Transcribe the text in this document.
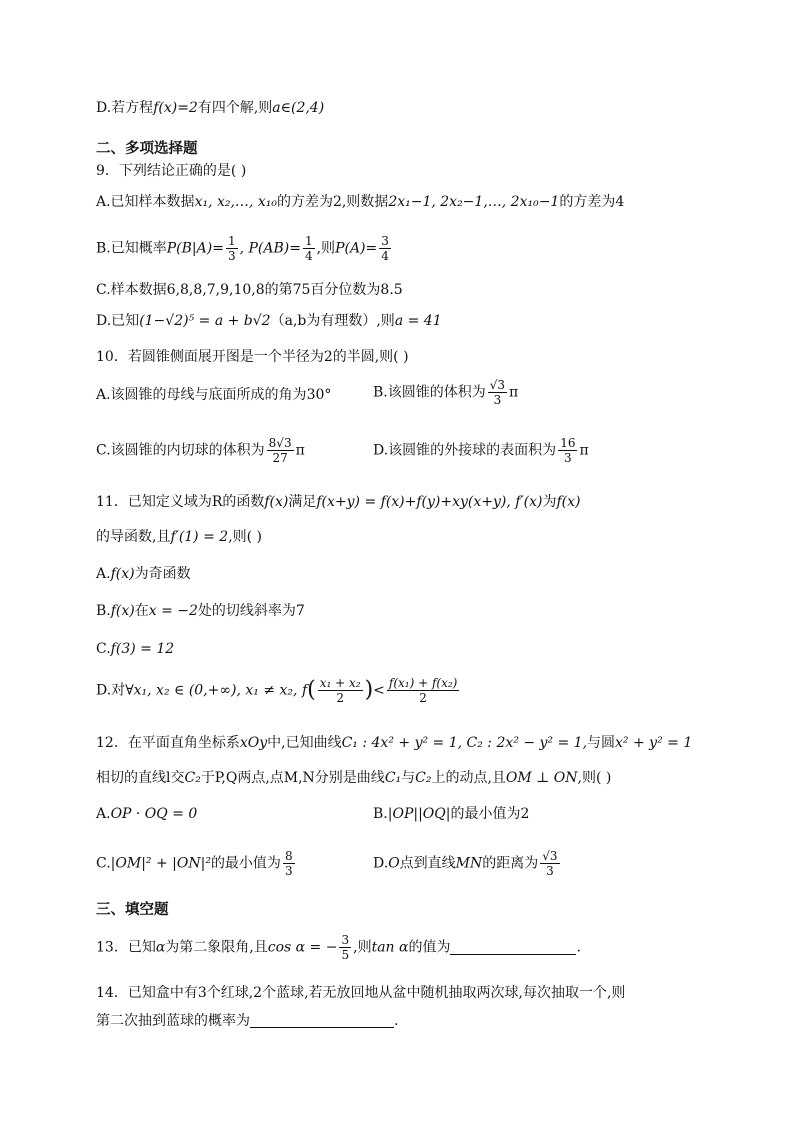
D.若方程f(x)=2有四个解,则a∈(2,4)
二、多项选择题
9．下列结论正确的是( )
A.已知样本数据x₁, x₂,…, x₁₀的方差为2,则数据2x₁−1, 2x₂−1,…, 2x₁₀−1的方差为4
B.已知概率$P(B|A)= \frac{1}{3}$ , $P(AB)= \frac{1}{4}$ ,则$P(A)= \frac{3}{4}$
C.样本数据6,8,8,7,9,10,8的第75百分位数为8.5
D.已知(1−√2)⁵ = a + b√2（a,b为有理数）,则a = 41
10．若圆锥侧面展开图是一个半径为2的半圆,则( )
A.该圆锥的母线与底面所成的角为30°	B.该圆锥的体积为 $\frac{√3}{3}$ π
C.该圆锥的内切球的体积为 $\frac{8√3}{27}$ π	D.该圆锥的外接球的表面积为 $\frac{16}{3}$ π
11．已知定义域为R的函数f(x)满足f(x+y) = f(x)+f(y)+xy(x+y), f′(x)为f(x)
的导函数,且f′(1) = 2,则( )
A.f(x)为奇函数
B.f(x)在x = −2处的切线斜率为7
C.f(3) = 12
D.对∀x₁, x₂ ∈ (0,+∞), x₁ ≠ x₂, $f( \frac{\text{x₁ + x₂}}{2}$ )< $\frac{\text{f(x₁) + f(x₂)}}{2}$
12．在平面直角坐标系xOy中,已知曲线C₁ : 4x² + y² = 1, C₂ : 2x² − y² = 1,与圆x² + y² = 1
相切的直线l交C₂于P,Q两点,点M,N分别是曲线C₁与C₂上的动点,且OM ⊥ ON,则( )
A.OP · OQ = 0	B.|OP||OQ|的最小值为2
C.|OM|² + |ON|²的最小值为 $\frac{8}{3}$	D.O点到直线MN的距离为 $\frac{√3}{3}$
三、填空题
13．已知α为第二象限角,且cos α = − $\frac{3}{5}$ ,则tan α的值为	.
14．已知盒中有3个红球,2个蓝球,若无放回地从盆中随机抽取两次球,每次抽取一个,则
第二次抽到蓝球的概率为	.
